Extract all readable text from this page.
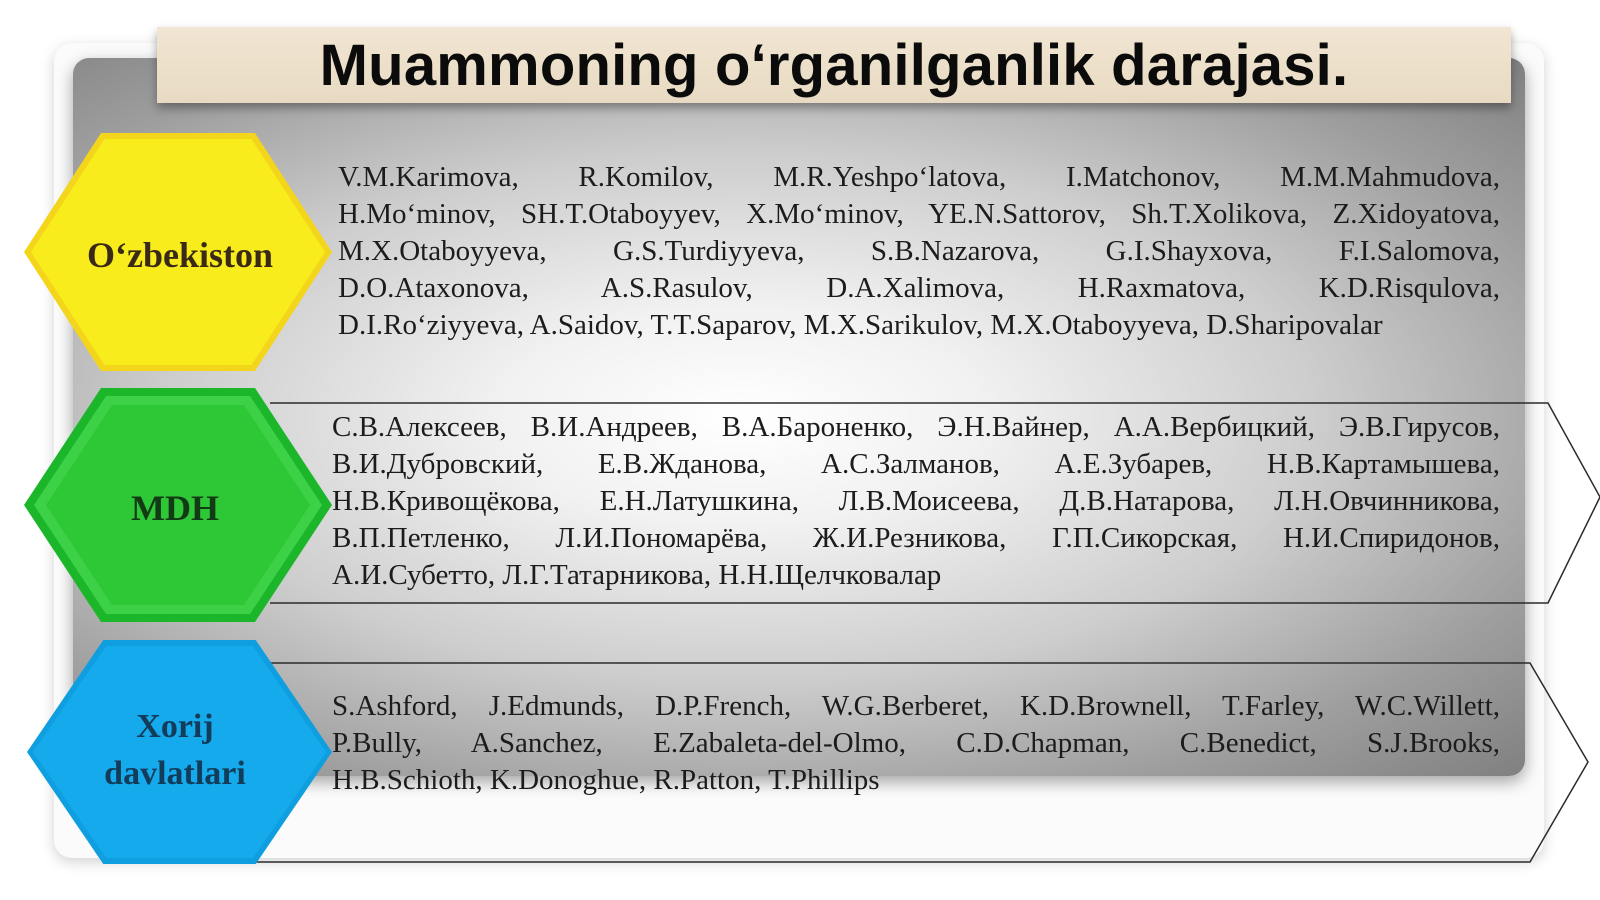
Muammoning o‘rganilganlik darajasi.
O‘zbekiston
MDH
Xorij
davlatlari
V.M.Karimova, R.Komilov, M.R.Yeshpo‘latova, I.Matchonov, M.M.Mahmudova,
H.Mo‘minov, SH.T.Otaboyyev, X.Mo‘minov, YE.N.Sattorov, Sh.T.Xolikova, Z.Xidoyatova,
M.X.Otaboyyeva, G.S.Turdiyyeva, S.B.Nazarova, G.I.Shayxova, F.I.Salomova,
D.O.Ataxonova, A.S.Rasulov, D.A.Xalimova, H.Raxmatova, K.D.Risqulova,
D.I.Ro‘ziyyeva, A.Saidov, T.T.Saparov, M.X.Sarikulov, M.X.Otaboyyeva, D.Sharipovalar
С.В.Алексеев, В.И.Андреев, В.А.Бароненко, Э.Н.Вайнер, А.А.Вербицкий, Э.В.Гирусов,
В.И.Дубровский, Е.В.Жданова, А.С.Залманов, А.Е.Зубарев, Н.В.Картамышева,
Н.В.Кривощёкова, Е.Н.Латушкина, Л.В.Моисеева, Д.В.Натарова, Л.Н.Овчинникова,
В.П.Петленко, Л.И.Пономарёва, Ж.И.Резникова, Г.П.Сикорская, Н.И.Спиридонов,
А.И.Субетто, Л.Г.Татарникова, Н.Н.Щелчковалар
S.Ashford, J.Edmunds, D.P.French, W.G.Berberet, K.D.Brownell, T.Farley, W.C.Willett,
P.Bully, A.Sanchez, E.Zabaleta-del-Olmo, C.D.Chapman, C.Benedict, S.J.Brooks,
H.B.Schioth, K.Donoghue, R.Patton, T.Phillips
